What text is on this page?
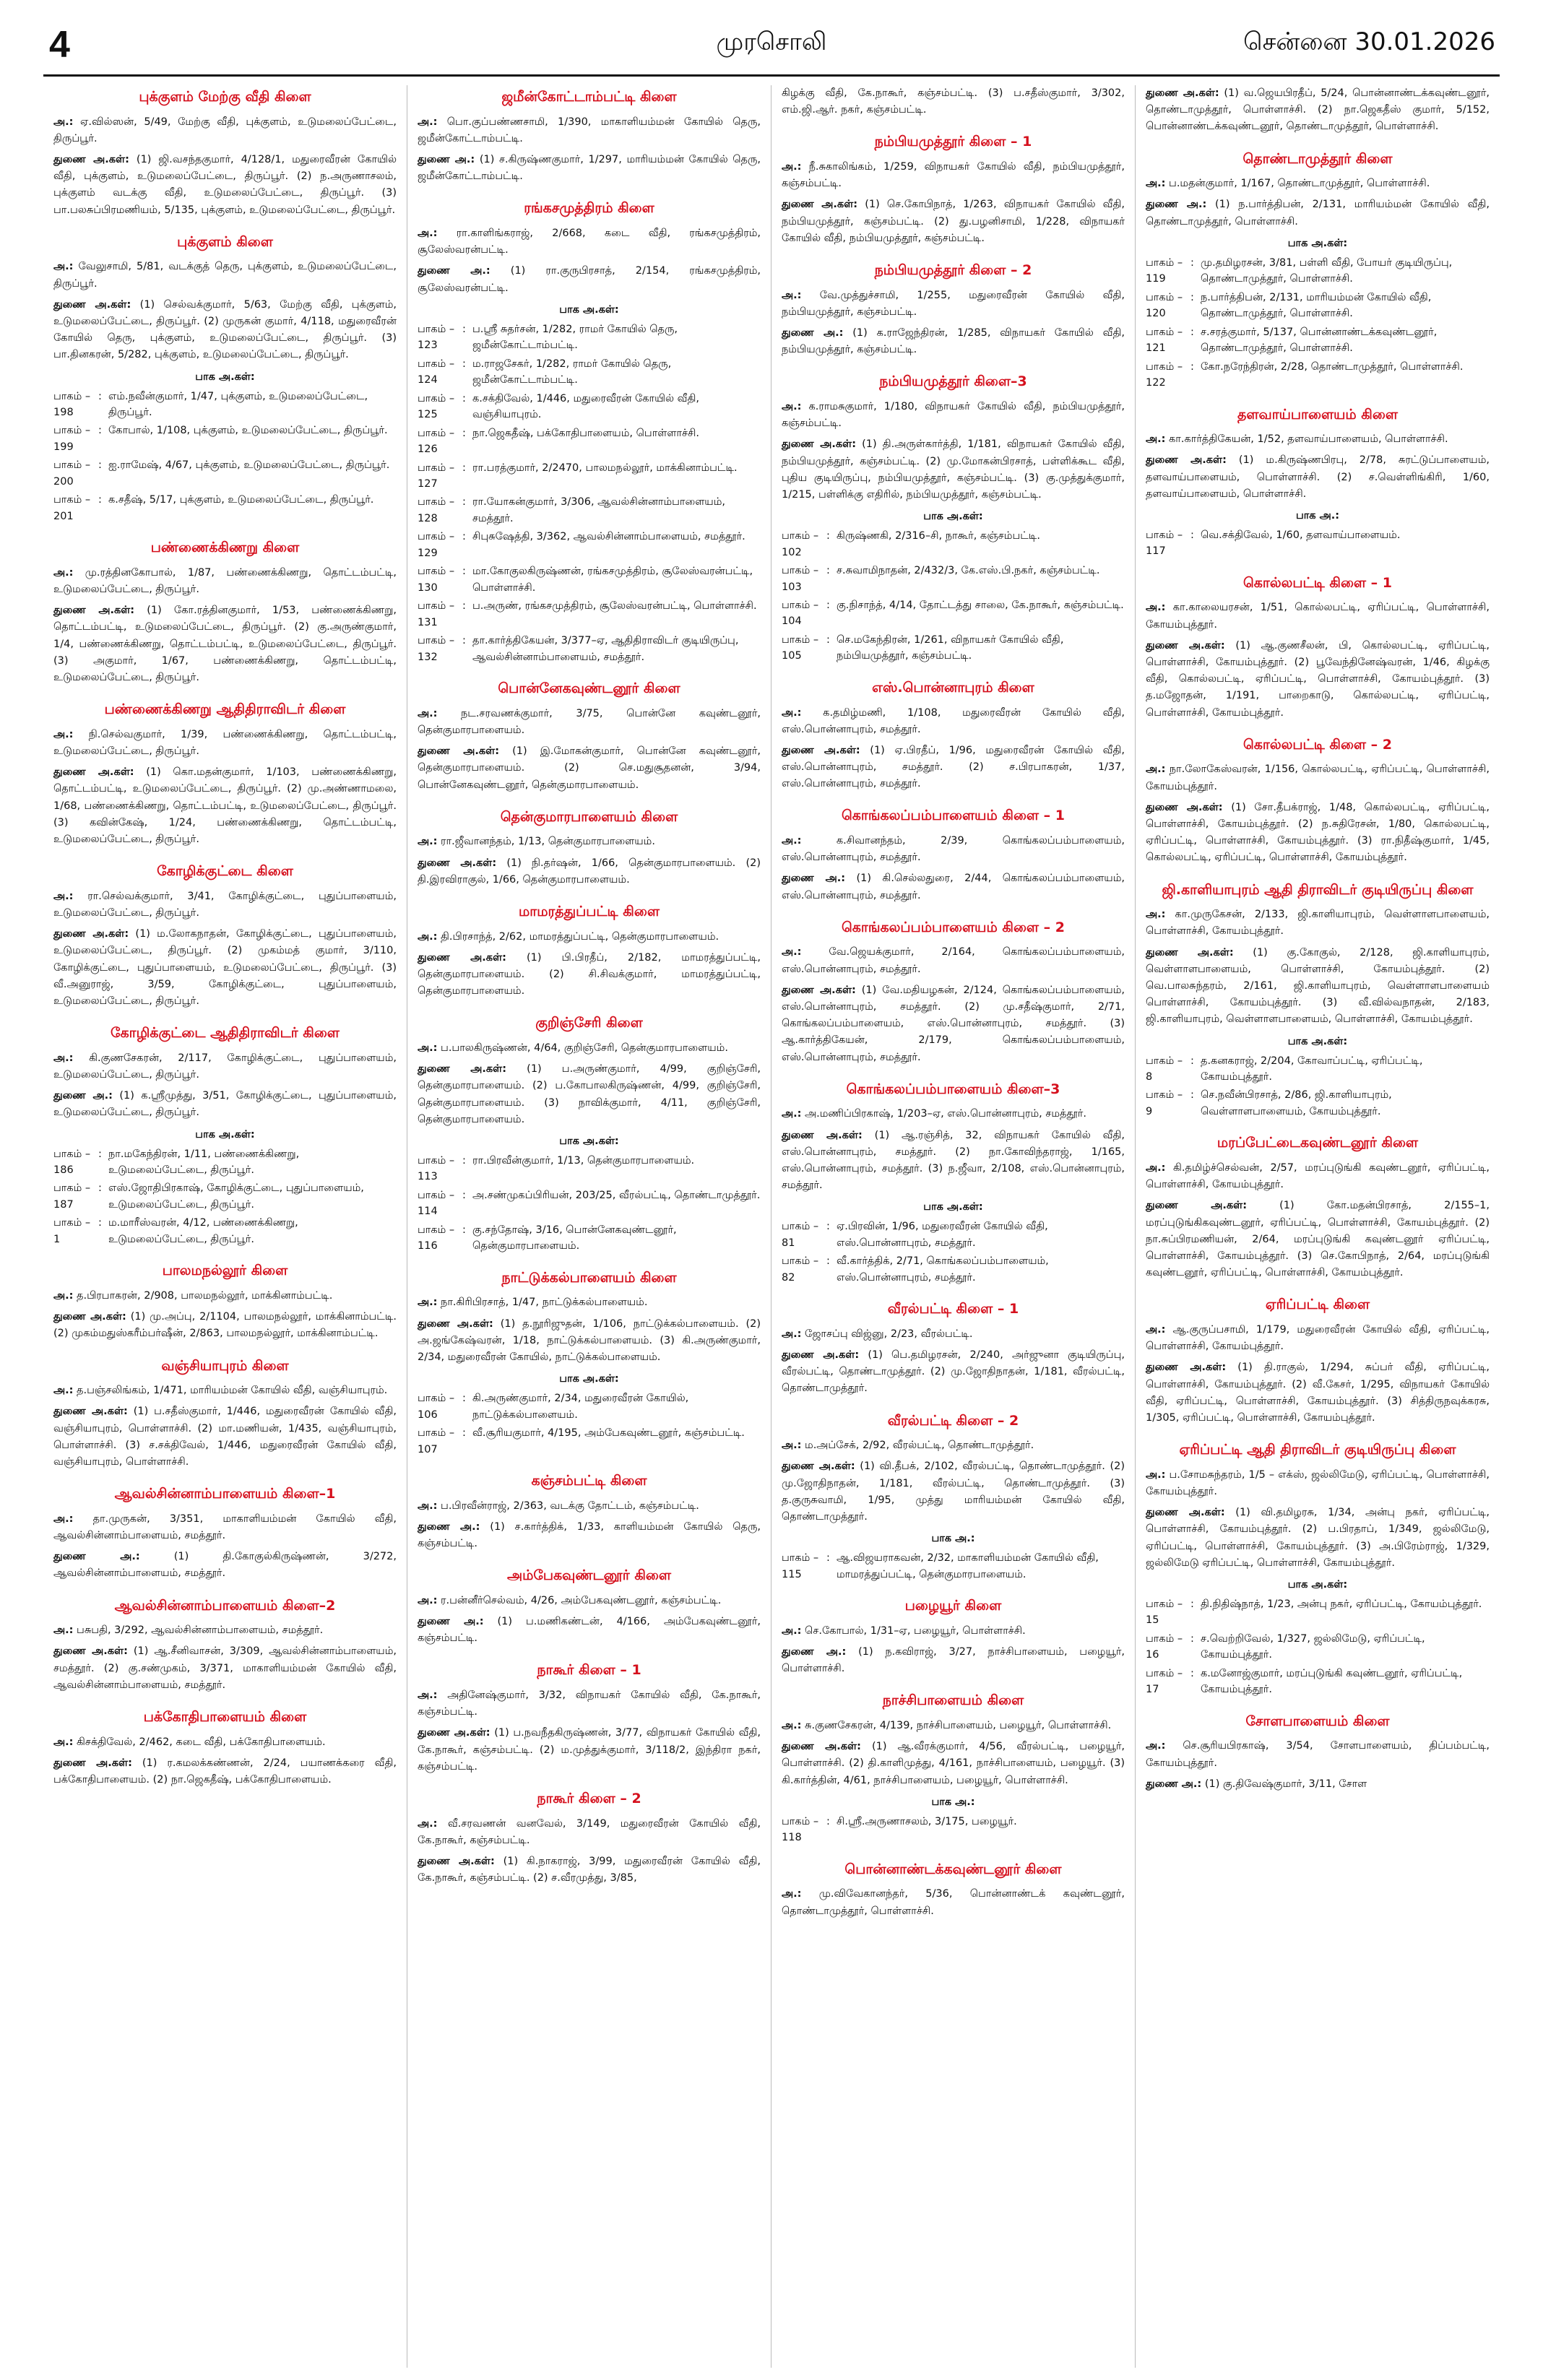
4	முரசொலி	சென்னை 30.01.2026
புக்குளம் மேற்கு வீதி கிளை
அ.: ஏ.வில்ஸன், 5/49, மேற்கு வீதி, புக்குளம், உடுமலைப்பேட்டை, திருப்பூர்.
துணை அ.கள்: (1) ஜி.வசந்தகுமார், 4/128/1, மதுரைவீரன் கோயில் வீதி, புக்குளம், உடுமலைப்பேட்டை, திருப்பூர். (2) ந.அருணாசலம், புக்குளம் வடக்கு வீதி, உடுமலைப்பேட்டை, திருப்பூர். (3) பா.பலசுப்பிரமணியம், 5/135, புக்குளம், உடுமலைப்பேட்டை, திருப்பூர்.
புக்குளம் கிளை
அ.: வேலுசாமி, 5/81, வடக்குத் தெரு, புக்குளம், உடுமலைப்பேட்டை, திருப்பூர்.
துணை அ.கள்: (1) செல்வக்குமார், 5/63, மேற்கு வீதி, புக்குளம், உடுமலைப்பேட்டை, திருப்பூர். (2) முருகன் குமார், 4/118, மதுரைவீரன் கோயில் தெரு, புக்குளம், உடுமலைப்பேட்டை, திருப்பூர். (3) பா.தினகரன், 5/282, புக்குளம், உடுமலைப்பேட்டை, திருப்பூர்.
பாக அ.கள்:
பாகம் – 198
: எம்.நவீன்குமார், 1/47, புக்குளம், உடுமலைப்பேட்டை, திருப்பூர்.
பாகம் – 199
: கோபால், 1/108, புக்குளம், உடுமலைப்பேட்டை, திருப்பூர்.
பாகம் – 200
: ஐ.ராமேஷ், 4/67, புக்குளம், உடுமலைப்பேட்டை, திருப்பூர்.
பாகம் – 201
: க.சதீஷ், 5/17, புக்குளம், உடுமலைப்பேட்டை, திருப்பூர்.
பண்ணைக்கிணறு கிளை
அ.: மு.ரத்தினகோபால், 1/87, பண்ணைக்கிணறு, தொட்டம்பட்டி, உடுமலைப்பேட்டை, திருப்பூர்.
துணை அ.கள்: (1) கோ.ரத்தினகுமார், 1/53, பண்ணைக்கிணறு, தொட்டம்பட்டி, உடுமலைப்பேட்டை, திருப்பூர். (2) கு.அருண்குமார், 1/4, பண்ணைக்கிணறு, தொட்டம்பட்டி, உடுமலைப்பேட்டை, திருப்பூர். (3) அகுமார், 1/67, பண்ணைக்கிணறு, தொட்டம்பட்டி, உடுமலைப்பேட்டை, திருப்பூர்.
பண்ணைக்கிணறு ஆதிதிராவிடர் கிளை
அ.: நி.செல்வகுமார், 1/39, பண்ணைக்கிணறு, தொட்டம்பட்டி, உடுமலைப்பேட்டை, திருப்பூர்.
துணை அ.கள்: (1) கொ.மதன்குமார், 1/103, பண்ணைக்கிணறு, தொட்டம்பட்டி, உடுமலைப்பேட்டை, திருப்பூர். (2) மு.அண்ணாமலை, 1/68, பண்ணைக்கிணறு, தொட்டம்பட்டி, உடுமலைப்பேட்டை, திருப்பூர். (3) கவின்கேஷ், 1/24, பண்ணைக்கிணறு, தொட்டம்பட்டி, உடுமலைப்பேட்டை, திருப்பூர்.
கோழிக்குட்டை கிளை
அ.: ரா.செல்வக்குமார், 3/41, கோழிக்குட்டை, புதுப்பாளையம், உடுமலைப்பேட்டை, திருப்பூர்.
துணை அ.கள்: (1) ம.லோகநாதன், கோழிக்குட்டை, புதுப்பாளையம், உடுமலைப்பேட்டை, திருப்பூர். (2) முகம்மத் குமார், 3/110, கோழிக்குட்டை, புதுப்பாளையம், உடுமலைப்பேட்டை, திருப்பூர். (3) வீ.அனுராஜ், 3/59, கோழிக்குட்டை, புதுப்பாளையம், உடுமலைப்பேட்டை, திருப்பூர்.
கோழிக்குட்டை ஆதிதிராவிடர் கிளை
அ.: கி.குணசேகரன், 2/117, கோழிக்குட்டை, புதுப்பாளையம், உடுமலைப்பேட்டை, திருப்பூர்.
துணை அ.: (1) க.ஸ்ரீமுத்து, 3/51, கோழிக்குட்டை, புதுப்பாளையம், உடுமலைப்பேட்டை, திருப்பூர்.
பாக அ.கள்:
பாகம் – 186
: நா.மகேந்திரன், 1/11, பண்ணைக்கிணறு, உடுமலைப்பேட்டை, திருப்பூர்.
பாகம் – 187
: எஸ்.ஜோதிபிரகாஷ், கோழிக்குட்டை, புதுப்பாளையம், உடுமலைப்பேட்டை, திருப்பூர்.
பாகம் – 1
: ம.மாரீஸ்வரன், 4/12, பண்ணைக்கிணறு, உடுமலைப்பேட்டை, திருப்பூர்.
பாலமநல்லூர் கிளை
அ.: த.பிரபாகரன், 2/908, பாலமநல்லூர், மாக்கினாம்பட்டி.
துணை அ.கள்: (1) மு.அப்பு, 2/1104, பாலமநல்லூர், மாக்கினாம்பட்டி. (2) முகம்மதுஸ்கரீம்பர்ஷீன், 2/863, பாலமநல்லூர், மாக்கினாம்பட்டி.
வஞ்சியாபுரம் கிளை
அ.: த.பஞ்சலிங்கம், 1/471, மாரியம்மன் கோயில் வீதி, வஞ்சியாபுரம்.
துணை அ.கள்: (1) ப.சதீஸ்குமார், 1/446, மதுரைவீரன் கோயில் வீதி, வஞ்சியாபுரம், பொள்ளாச்சி. (2) மா.மணியன், 1/435, வஞ்சியாபுரம், பொள்ளாச்சி. (3) ச.சக்திவேல், 1/446, மதுரைவீரன் கோயில் வீதி, வஞ்சியாபுரம், பொள்ளாச்சி.
ஆவல்சின்னாம்பாளையம் கிளை–1
அ.: தா.முருகன், 3/351, மாகாளியம்மன் கோயில் வீதி, ஆவல்சின்னாம்பாளையம், சமத்தூர்.
துணை அ.:	(1) தி.கோகுல்கிருஷ்ணன், 3/272, ஆவல்சின்னாம்பாளையம், சமத்தூர்.
ஆவல்சின்னாம்பாளையம் கிளை–2
அ.: பசுபதி, 3/292, ஆவல்சின்னாம்பாளையம், சமத்தூர்.
துணை அ.கள்: (1) ஆ.சீனிவாசன், 3/309, ஆவல்சின்னாம்பாளையம், சமத்தூர். (2) கு.சண்முகம், 3/371, மாகாளியம்மன் கோயில் வீதி, ஆவல்சின்னாம்பாளையம், சமத்தூர்.
பக்கோதிபாளையம் கிளை
அ.: கிசக்திவேல், 2/462, கடை வீதி, பக்கோதிபாளையம்.
துணை அ.கள்: (1) ர.கமலக்கண்ணன், 2/24, பயாணக்கரை வீதி, பக்கோதிபாளையம். (2) நா.ஜெகதீஷ், பக்கோதிபாளையம்.
ஜமீன்கோட்டாம்பட்டி கிளை
அ.: பொ.குப்பண்ணசாமி, 1/390, மாகாளியம்மன் கோயில் தெரு, ஜமீன்கோட்டாம்பட்டி.
துணை அ.: (1) ச.கிருஷ்ணகுமார், 1/297, மாரியம்மன் கோயில் தெரு, ஜமீன்கோட்டாம்பட்டி.
ரங்கசமுத்திரம் கிளை
அ.: ரா.காளிங்கராஜ், 2/668, கடை வீதி, ரங்கசமுத்திரம், சூலேஸ்வரன்பட்டி.
துணை அ.: (1) ரா.குருபிரசாத், 2/154, ரங்கசமுத்திரம், சூலேஸ்வரன்பட்டி.
பாக அ.கள்:
பாகம் – 123
: ப.ஸ்ரீ சுதர்சன், 1/282, ராமர் கோயில் தெரு, ஜமீன்கோட்டாம்பட்டி.
பாகம் – 124
: ம.ராஜசேகர், 1/282, ராமர் கோயில் தெரு, ஜமீன்கோட்டாம்பட்டி.
பாகம் – 125
: க.சக்திவேல், 1/446, மதுரைவீரன் கோயில் வீதி, வஞ்சியாபுரம்.
பாகம் – 126
: நா.ஜெகதீஷ், பக்கோதிபாளையம், பொள்ளாச்சி.
பாகம் – 127
: ரா.பரத்குமார், 2/2470, பாலமநல்லூர், மாக்கினாம்பட்டி.
பாகம் – 128
: ரா.யோகன்குமார், 3/306, ஆவல்சின்னாம்பாளையம், சமத்தூர்.
பாகம் – 129
: சிபுசுஷேத்தி, 3/362, ஆவல்சின்னாம்பாளையம், சமத்தூர்.
பாகம் – 130
: மா.கோகுலகிருஷ்ணன், ரங்கசமுத்திரம், சூலேஸ்வரன்பட்டி, பொள்ளாச்சி.
பாகம் – 131
: ப.அருண், ரங்கசமுத்திரம், சூலேஸ்வரன்பட்டி, பொள்ளாச்சி.
பாகம் – 132
: தா.கார்த்திகேயன், 3/377–ஏ, ஆதிதிராவிடர் குடியிருப்பு, ஆவல்சின்னாம்பாளையம், சமத்தூர்.
பொன்னேகவுண்டனூர் கிளை
அ.: நட.சரவணக்குமார், 3/75, பொன்னே கவுண்டனூர், தென்குமாரபாளையம்.
துணை அ.கள்: (1) இ.மோகன்குமார், பொன்னே கவுண்டனூர், தென்குமாரபாளையம். (2) செ.மதுசூதனன், 3/94, பொன்னேகவுண்டனூர், தென்குமாரபாளையம்.
தென்குமாரபாளையம் கிளை
அ.: ரா.ஜீவானந்தம், 1/13, தென்குமாரபாளையம்.
துணை அ.கள்: (1) நி.தர்ஷன், 1/66, தென்குமாரபாளையம். (2) தி.இரவிராகுல், 1/66, தென்குமாரபாளையம்.
மாமரத்துப்பட்டி கிளை
அ.: தி.பிரசாந்த், 2/62, மாமரத்துப்பட்டி, தென்குமாரபாளையம்.
துணை அ.கள்: (1) பி.பிரதீப், 2/182, மாமரத்துப்பட்டி, தென்குமாரபாளையம். (2) சி.சிவக்குமார், மாமரத்துப்பட்டி, தென்குமாரபாளையம்.
குறிஞ்சேரி கிளை
அ.: ப.பாலகிருஷ்ணன், 4/64, குறிஞ்சேரி, தென்குமாரபாளையம்.
துணை அ.கள்: (1) ப.அருண்குமார், 4/99, குறிஞ்சேரி, தென்குமாரபாளையம். (2) ப.கோபாலகிருஷ்ணன், 4/99, குறிஞ்சேரி, தென்குமாரபாளையம். (3) நாவிக்குமார், 4/11, குறிஞ்சேரி, தென்குமாரபாளையம்.
பாக அ.கள்:
பாகம் – 113
: ரா.பிரவீன்குமார், 1/13, தென்குமாரபாளையம்.
பாகம் – 114
: அ.சண்முகப்பிரியன், 203/25, வீரல்பட்டி, தொண்டாமுத்தூர்.
பாகம் – 116
: கு.சந்தோஷ், 3/16, பொன்னேகவுண்டனூர், தென்குமாரபாளையம்.
நாட்டுக்கல்பாளையம் கிளை
அ.: நா.கிரிபிரசாத், 1/47, நாட்டுக்கல்பாளையம்.
துணை அ.கள்: (1) த.நூரிஜுதன், 1/106, நாட்டுக்கல்பாளையம். (2) அ.ஜங்கேஷ்வரன், 1/18, நாட்டுக்கல்பாளையம். (3) கி.அருண்குமார், 2/34, மதுரைவீரன் கோயில், நாட்டுக்கல்பாளையம்.
பாக அ.கள்:
பாகம் – 106
: கி.அருண்குமார், 2/34, மதுரைவீரன் கோயில், நாட்டுக்கல்பாளையம்.
பாகம் – 107
: வீ.சூரியகுமார், 4/195, அம்பேகவுண்டனூர், கஞ்சம்பட்டி.
கஞ்சம்பட்டி கிளை
அ.: ப.பிரவீன்ராஜ், 2/363, வடக்கு தோட்டம், கஞ்சம்பட்டி.
துணை அ.: (1) ச.கார்த்திக், 1/33, காளியம்மன் கோயில் தெரு, கஞ்சம்பட்டி.
அம்பேகவுண்டனூர் கிளை
அ.: ர.பன்னீர்செல்வம், 4/26, அம்பேகவுண்டனூர், கஞ்சம்பட்டி.
துணை அ.: (1) ப.மணிகண்டன், 4/166, அம்பேகவுண்டனூர், கஞ்சம்பட்டி.
நாகூர் கிளை – 1
அ.: அதினேஷ்குமார், 3/32, விநாயகர் கோயில் வீதி, கே.நாகூர், கஞ்சம்பட்டி.
துணை அ.கள்: (1) ப.நவநீதகிருஷ்ணன், 3/77, விநாயகர் கோயில் வீதி, கே.நாகூர், கஞ்சம்பட்டி. (2) ம.முத்துக்குமார், 3/118/2, இந்திரா நகர், கஞ்சம்பட்டி.
நாகூர் கிளை – 2
அ.: வீ.சரவணன் வனவேல், 3/149, மதுரைவீரன் கோயில் வீதி, கே.நாகூர், கஞ்சம்பட்டி.
துணை அ.கள்: (1) கி.நாகராஜ், 3/99, மதுரைவீரன் கோயில் வீதி, கே.நாகூர், கஞ்சம்பட்டி. (2) ச.வீரமுத்து, 3/85,
கிழக்கு வீதி, கே.நாகூர், கஞ்சம்பட்டி. (3) ப.சதீஸ்குமார், 3/302, எம்.ஜி.ஆர். நகர், கஞ்சம்பட்டி.
நம்பியமுத்தூர் கிளை – 1
அ.: நீ.சுகாலிங்கம், 1/259, விநாயகர் கோயில் வீதி, நம்பியமுத்தூர், கஞ்சம்பட்டி.
துணை அ.கள்: (1) செ.கோபிநாத், 1/263, விநாயகர் கோயில் வீதி, நம்பியமுத்தூர், கஞ்சம்பட்டி. (2) து.பழனிசாமி, 1/228, விநாயகர் கோயில் வீதி, நம்பியமுத்தூர், கஞ்சம்பட்டி.
நம்பியமுத்தூர் கிளை – 2
அ.: வே.முத்துச்சாமி, 1/255, மதுரைவீரன் கோயில் வீதி, நம்பியமுத்தூர், கஞ்சம்பட்டி.
துணை அ.: (1) க.ராஜேந்திரன், 1/285, விநாயகர் கோயில் வீதி, நம்பியமுத்தூர், கஞ்சம்பட்டி.
நம்பியமுத்தூர் கிளை–3
அ.: க.ராமசுகுமார், 1/180, விநாயகர் கோயில் வீதி, நம்பியமுத்தூர், கஞ்சம்பட்டி.
துணை அ.கள்: (1) தி.அருள்கார்த்தி, 1/181, விநாயகர் கோயில் வீதி, நம்பியமுத்தூர், கஞ்சம்பட்டி. (2) மு.மோகன்பிரசாத், பள்ளிக்கூட வீதி, புதிய குடியிருப்பு, நம்பியமுத்தூர், கஞ்சம்பட்டி. (3) கு.முத்துக்குமார், 1/215, பள்ளிக்கு எதிரில், நம்பியமுத்தூர், கஞ்சம்பட்டி.
பாக அ.கள்:
பாகம் – 102
: கிருஷ்ணகி, 2/316–சி, நாகூர், கஞ்சம்பட்டி.
பாகம் – 103
: ச.சுவாமிநாதன், 2/432/3, கே.எஸ்.பி.நகர், கஞ்சம்பட்டி.
பாகம் – 104
: கு.நிசாந்த், 4/14, தோட்டத்து சாலை, கே.நாகூர், கஞ்சம்பட்டி.
பாகம் – 105
: செ.மகேந்திரன், 1/261, விநாயகர் கோயில் வீதி, நம்பியமுத்தூர், கஞ்சம்பட்டி.
எஸ்.பொன்னாபுரம் கிளை
அ.: க.தமிழ்மணி, 1/108, மதுரைவீரன் கோயில் வீதி, எஸ்.பொன்னாபுரம், சமத்தூர்.
துணை அ.கள்: (1) ஏ.பிரதீப், 1/96, மதுரைவீரன் கோயில் வீதி, எஸ்.பொன்னாபுரம், சமத்தூர். (2) ச.பிரபாகரன், 1/37, எஸ்.பொன்னாபுரம், சமத்தூர்.
கொங்கலப்பம்பாளையம் கிளை – 1
அ.:	க.சிவானந்தம், 2/39, கொங்கலப்பம்பாளையம், எஸ்.பொன்னாபுரம், சமத்தூர்.
துணை அ.: (1) கி.செல்லதுரை, 2/44, கொங்கலப்பம்பாளையம், எஸ்.பொன்னாபுரம், சமத்தூர்.
கொங்கலப்பம்பாளையம் கிளை – 2
அ.:	வே.ஜெயக்குமார், 2/164, கொங்கலப்பம்பாளையம், எஸ்.பொன்னாபுரம், சமத்தூர்.
துணை அ.கள்: (1) வே.மதியழகன், 2/124, கொங்கலப்பம்பாளையம், எஸ்.பொன்னாபுரம், சமத்தூர். (2) மு.சதீஷ்குமார், 2/71, கொங்கலப்பம்பாளையம், எஸ்.பொன்னாபுரம், சமத்தூர். (3) ஆ.கார்த்திகேயன், 2/179, கொங்கலப்பம்பாளையம், எஸ்.பொன்னாபுரம், சமத்தூர்.
கொங்கலப்பம்பாளையம் கிளை–3
அ.: அ.மணிப்பிரகாஷ், 1/203–ஏ, எஸ்.பொன்னாபுரம், சமத்தூர்.
துணை அ.கள்: (1) ஆ.ரஞ்சித், 32, விநாயகர் கோயில் வீதி, எஸ்.பொன்னாபுரம், சமத்தூர். (2) நா.கோவிந்தராஜ், 1/165, எஸ்.பொன்னாபுரம், சமத்தூர். (3) ந.ஜீவா, 2/108, எஸ்.பொன்னாபுரம், சமத்தூர்.
பாக அ.கள்:
பாகம் – 81
: ஏ.பிரவின், 1/96, மதுரைவீரன் கோயில் வீதி, எஸ்.பொன்னாபுரம், சமத்தூர்.
பாகம் – 82
: வீ.கார்த்திக், 2/71, கொங்கலப்பம்பாளையம், எஸ்.பொன்னாபுரம், சமத்தூர்.
வீரல்பட்டி கிளை – 1
அ.: ஜோசப்பு விஜ்னு, 2/23, வீரல்பட்டி.
துணை அ.கள்: (1) பெ.தமிழரசன், 2/240, அர்ஜுனா குடியிருப்பு, வீரல்பட்டி, தொண்டாமுத்தூர். (2) மு.ஜோதிநாதன், 1/181, வீரல்பட்டி, தொண்டாமுத்தூர்.
வீரல்பட்டி கிளை – 2
அ.: ம.அப்சேக், 2/92, வீரல்பட்டி, தொண்டாமுத்தூர்.
துணை அ.கள்: (1) வி.தீபக், 2/102, வீரல்பட்டி, தொண்டாமுத்தூர். (2) மு.ஜோதிநாதன், 1/181, வீரல்பட்டி, தொண்டாமுத்தூர். (3) த.குருசுவாமி, 1/95, முத்து மாரியம்மன் கோயில் வீதி, தொண்டாமுத்தூர்.
பாக அ.:
பாகம் – 115
: ஆ.விஜயராகவன், 2/32, மாகாளியம்மன் கோயில் வீதி, மாமரத்துப்பட்டி, தென்குமாரபாளையம்.
பழையூர் கிளை
அ.: செ.கோபால், 1/31–ஏ, பழையூர், பொள்ளாச்சி.
துணை அ.: (1) ந.கவிராஜ், 3/27, நாச்சிபாளையம், பழையூர், பொள்ளாச்சி.
நாச்சிபாளையம் கிளை
அ.: சு.குணசேகரன், 4/139, நாச்சிபாளையம், பழையூர், பொள்ளாச்சி.
துணை அ.கள்: (1) ஆ.வீரக்குமார், 4/56, வீரல்பட்டி, பழையூர், பொள்ளாச்சி. (2) தி.காளிமுத்து, 4/161, நாச்சிபாளையம், பழையூர். (3) கி.கார்த்தின், 4/61, நாச்சிபாளையம், பழையூர், பொள்ளாச்சி.
பாக அ.:
பாகம் – 118
: சி.ஸ்ரீ.அருணாசலம், 3/175, பழையூர்.
பொன்னாண்டக்கவுண்டனூர் கிளை
அ.: மு.விவேகானந்தர், 5/36, பொன்னாண்டக் கவுண்டனூர், தொண்டாமுத்தூர், பொள்ளாச்சி.
துணை அ.கள்: (1) வ.ஜெயபிரதீப், 5/24, பொன்னாண்டக்கவுண்டனூர், தொண்டாமுத்தூர், பொள்ளாச்சி. (2) நா.ஜெகதீஸ் குமார், 5/152, பொன்னாண்டக்கவுண்டனூர், தொண்டாமுத்தூர், பொள்ளாச்சி.
தொண்டாமுத்தூர் கிளை
அ.: ப.மதன்குமார், 1/167, தொண்டாமுத்தூர், பொள்ளாச்சி.
துணை அ.: (1) ந.பார்த்திபன், 2/131, மாரியம்மன் கோயில் வீதி, தொண்டாமுத்தூர், பொள்ளாச்சி.
பாக அ.கள்:
பாகம் – 119
: மு.தமிழரசன், 3/81, பள்ளி வீதி, போயர் குடியிருப்பு, தொண்டாமுத்தூர், பொள்ளாச்சி.
பாகம் – 120
: ந.பார்த்திபன், 2/131, மாரியம்மன் கோயில் வீதி, தொண்டாமுத்தூர், பொள்ளாச்சி.
பாகம் – 121
: ச.சரத்குமார், 5/137, பொன்னாண்டக்கவுண்டனூர், தொண்டாமுத்தூர், பொள்ளாச்சி.
பாகம் – 122
: கோ.நரேந்திரன், 2/28, தொண்டாமுத்தூர், பொள்ளாச்சி.
தளவாய்பாளையம் கிளை
அ.: கா.கார்த்திகேயன், 1/52, தளவாய்பாளையம், பொள்ளாச்சி.
துணை அ.கள்: (1) ம.கிருஷ்ணபிரபு, 2/78, சுரட்டுப்பாளையம், தளவாய்பாளையம், பொள்ளாச்சி. (2) ச.வெள்ளிங்கிரி, 1/60, தளவாய்பாளையம், பொள்ளாச்சி.
பாக அ.:
பாகம் – 117
: வெ.சக்திவேல், 1/60, தளவாய்பாளையம்.
கொல்லபட்டி கிளை – 1
அ.: கா.காலையரசன், 1/51, கொல்லபட்டி, ஏரிப்பட்டி, பொள்ளாச்சி, கோயம்புத்தூர்.
துணை அ.கள்: (1) ஆ.குணசீலன், பி, கொல்லபட்டி, ஏரிப்பட்டி, பொள்ளாச்சி, கோயம்புத்தூர். (2) பூவேந்தினேஷ்வரன், 1/46, கிழக்கு வீதி, கொல்லபட்டி, ஏரிப்பட்டி, பொள்ளாச்சி, கோயம்புத்தூர். (3) த.மஜோதன், 1/191, பாறைகாடு, கொல்லபட்டி, ஏரிப்பட்டி, பொள்ளாச்சி, கோயம்புத்தூர்.
கொல்லபட்டி கிளை – 2
அ.: நா.லோகேஸ்வரன், 1/156, கொல்லபட்டி, ஏரிப்பட்டி, பொள்ளாச்சி, கோயம்புத்தூர்.
துணை அ.கள்: (1) சோ.தீபக்ராஜ், 1/48, கொல்லபட்டி, ஏரிப்பட்டி, பொள்ளாச்சி, கோயம்புத்தூர். (2) ந.சுதிரேசன், 1/80, கொல்லபட்டி, ஏரிப்பட்டி, பொள்ளாச்சி, கோயம்புத்தூர். (3) ரா.நிதீஷ்குமார், 1/45, கொல்லபட்டி, ஏரிப்பட்டி, பொள்ளாச்சி, கோயம்புத்தூர்.
ஜி.காளியாபுரம் ஆதி திராவிடர் குடியிருப்பு கிளை
அ.: கா.முருகேசன், 2/133, ஜி.காளியாபுரம், வெள்ளாளபாளையம், பொள்ளாச்சி, கோயம்புத்தூர்.
துணை அ.கள்: (1) கு.கோகுல், 2/128, ஜி.காளியாபுரம், வெள்ளாளபாளையம், பொள்ளாச்சி, கோயம்புத்தூர். (2) வெ.பாலசுந்தரம், 2/161, ஜி.காளியாபுரம், வெள்ளாளபாளையம் பொள்ளாச்சி, கோயம்புத்தூர். (3) வீ.வில்வநாதன், 2/183, ஜி.காளியாபுரம், வெள்ளாளபாளையம், பொள்ளாச்சி, கோயம்புத்தூர்.
பாக அ.கள்:
பாகம் – 8
: த.கனகராஜ், 2/204, கோவாப்பட்டி, ஏரிப்பட்டி, கோயம்புத்தூர்.
பாகம் – 9
: செ.நவீன்பிரசாத், 2/86, ஜி.காளியாபுரம், வெள்ளாளபாளையம், கோயம்புத்தூர்.
மரப்பேட்டைகவுண்டனூர் கிளை
அ.: கி.தமிழ்ச்செல்வன், 2/57, மரப்புடுங்கி கவுண்டனூர், ஏரிப்பட்டி, பொள்ளாச்சி, கோயம்புத்தூர்.
துணை அ.கள்:	(1) கோ.மதன்பிரசாத், 2/155–1, மரப்புடுங்கிகவுண்டனூர், ஏரிப்பட்டி, பொள்ளாச்சி, கோயம்புத்தூர். (2) நா.சுப்பிரமணியன், 2/64, மரப்புடுங்கி கவுண்டனூர் ஏரிப்பட்டி, பொள்ளாச்சி, கோயம்புத்தூர். (3) செ.கோபிநாத், 2/64, மரப்புடுங்கி கவுண்டனூர், ஏரிப்பட்டி, பொள்ளாச்சி, கோயம்புத்தூர்.
ஏரிப்பட்டி கிளை
அ.: ஆ.குருப்பசாமி, 1/179, மதுரைவீரன் கோயில் வீதி, ஏரிப்பட்டி, பொள்ளாச்சி, கோயம்புத்தூர்.
துணை அ.கள்: (1) தி.ராகுல், 1/294, சுப்பர் வீதி, ஏரிப்பட்டி, பொள்ளாச்சி, கோயம்புத்தூர். (2) வீ.கேசர், 1/295, விநாயகர் கோயில் வீதி, ஏரிப்பட்டி, பொள்ளாச்சி, கோயம்புத்தூர். (3) சித்திருநவுக்கரசு, 1/305, ஏரிப்பட்டி, பொள்ளாச்சி, கோயம்புத்தூர்.
ஏரிப்பட்டி ஆதி திராவிடர் குடியிருப்பு கிளை
அ.: ப.சோமசுந்தரம், 1/5 – எக்ஸ், ஜல்லிமேடு, ஏரிப்பட்டி, பொள்ளாச்சி, கோயம்புத்தூர்.
துணை அ.கள்: (1) வி.தமிழரசு, 1/34, அன்பு நகர், ஏரிப்பட்டி, பொள்ளாச்சி, கோயம்புத்தூர். (2) ப.பிரதாப், 1/349, ஜல்லிமேடு, ஏரிப்பட்டி, பொள்ளாச்சி, கோயம்புத்தூர். (3) அ.பிரேம்ராஜ், 1/329, ஜல்லிமேடு ஏரிப்பட்டி, பொள்ளாச்சி, கோயம்புத்தூர்.
பாக அ.கள்:
பாகம் – 15
: தி.நிதிஷ்நாத், 1/23, அன்பு நகர், ஏரிப்பட்டி, கோயம்புத்தூர்.
பாகம் – 16
: ச.வெற்றிவேல், 1/327, ஜல்லிமேடு, ஏரிப்பட்டி, கோயம்புத்தூர்.
பாகம் – 17
: க.மனோஜ்குமார், மரப்புடுங்கி கவுண்டனூர், ஏரிப்பட்டி, கோயம்புத்தூர்.
சோளபாளையம் கிளை
அ.: செ.சூரியபிரகாஷ், 3/54, சோளபாளையம், திப்பம்பட்டி, கோயம்புத்தூர்.
துணை அ.: (1) கு.திவேஷ்குமார், 3/11, சோள
